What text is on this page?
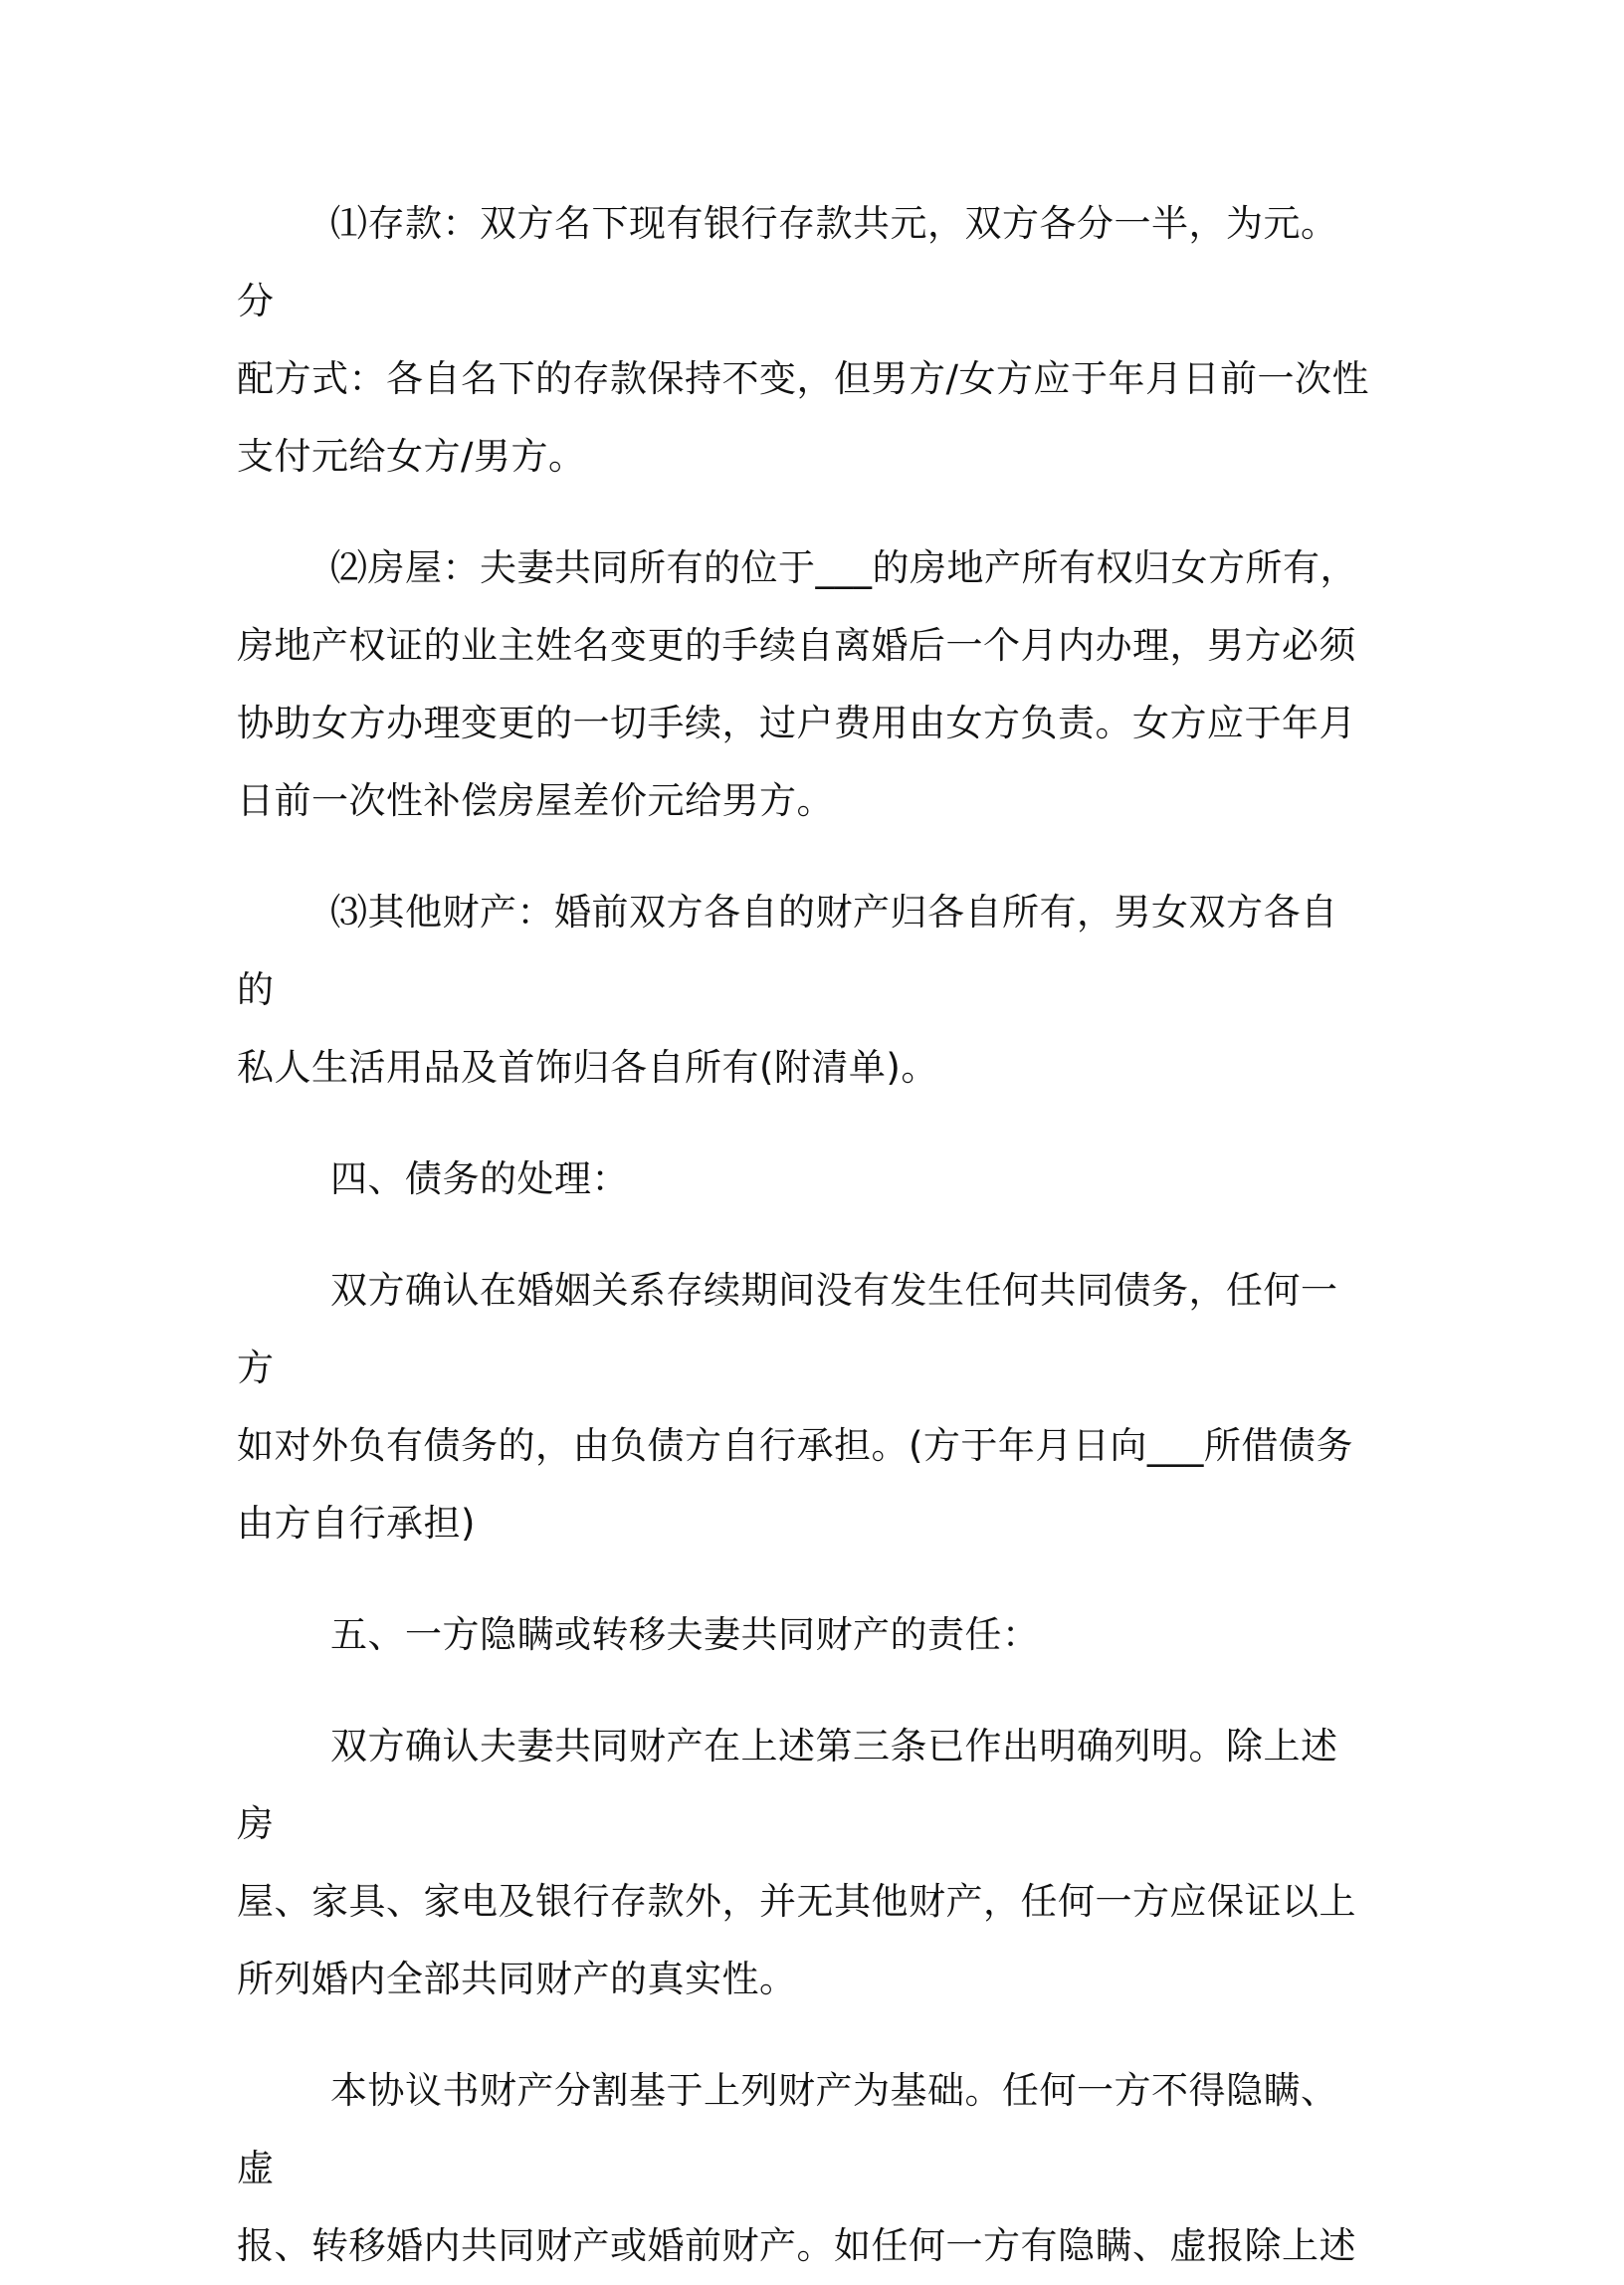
⑴存款：双方名下现有银行存款共元，双方各分一半，为元。分
配方式：各自名下的存款保持不变，但男方/女方应于年月日前一次性
支付元给女方/男方。

⑵房屋：夫妻共同所有的位于___的房地产所有权归女方所有，
房地产权证的业主姓名变更的手续自离婚后一个月内办理，男方必须
协助女方办理变更的一切手续，过户费用由女方负责。女方应于年月
日前一次性补偿房屋差价元给男方。

⑶其他财产：婚前双方各自的财产归各自所有，男女双方各自的
私人生活用品及首饰归各自所有(附清单)。

四、债务的处理：

双方确认在婚姻关系存续期间没有发生任何共同债务，任何一方
如对外负有债务的，由负债方自行承担。(方于年月日向___所借债务
由方自行承担)

五、一方隐瞒或转移夫妻共同财产的责任：

双方确认夫妻共同财产在上述第三条已作出明确列明。除上述房
屋、家具、家电及银行存款外，并无其他财产，任何一方应保证以上
所列婚内全部共同财产的真实性。

本协议书财产分割基于上列财产为基础。任何一方不得隐瞒、虚
报、转移婚内共同财产或婚前财产。如任何一方有隐瞒、虚报除上述
